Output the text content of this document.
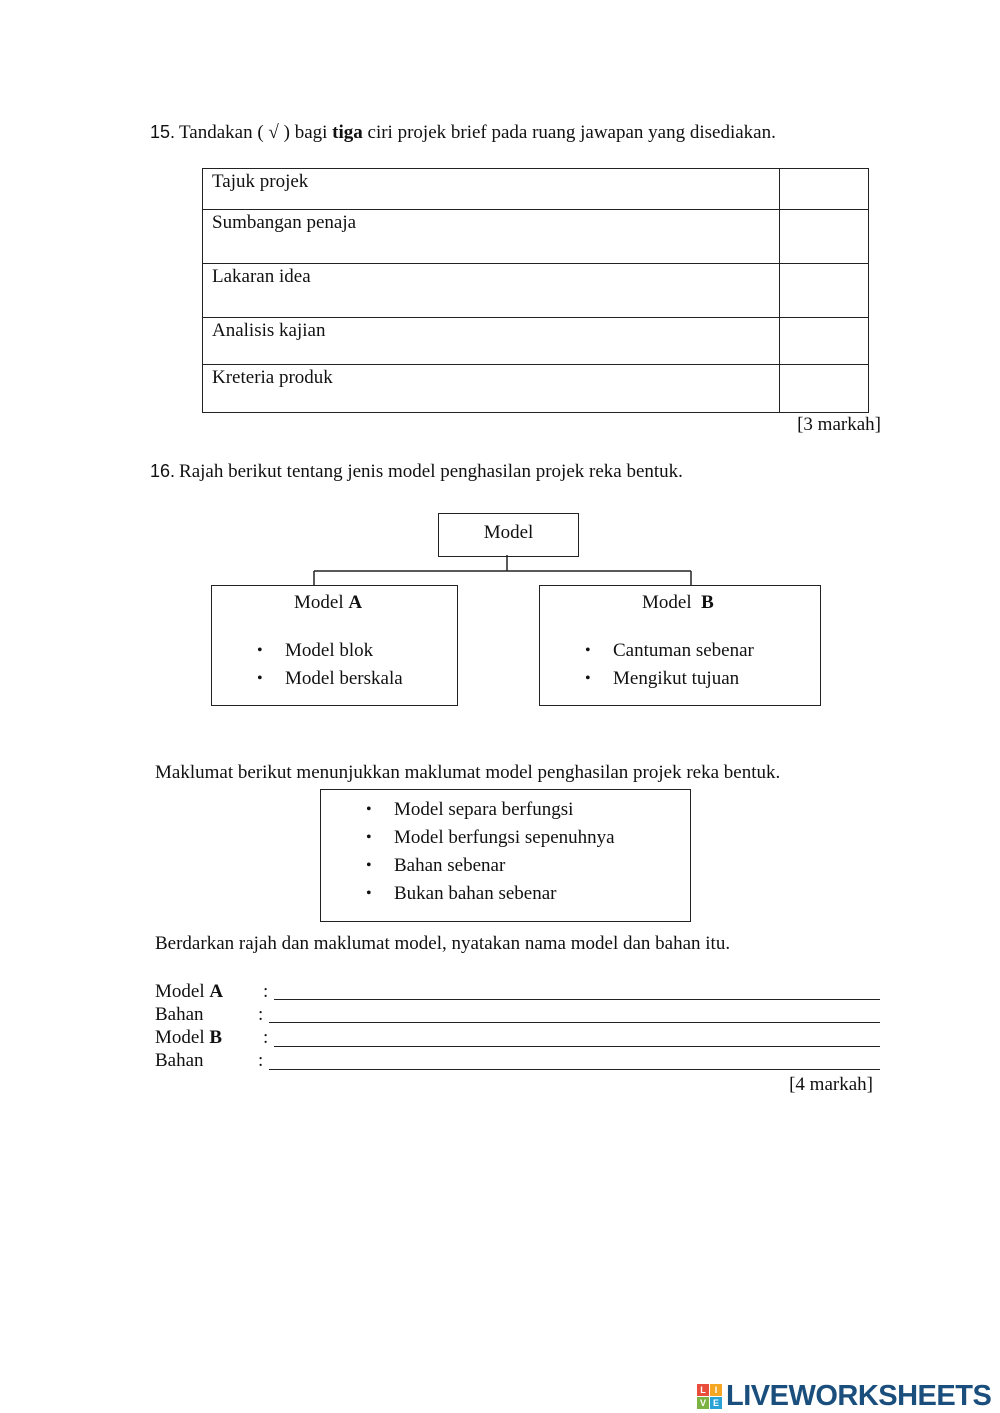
15. Tandakan ( √ ) bagi tiga ciri projek brief pada ruang jawapan yang disediakan.
Tajuk projek	
Sumbangan penaja	
Lakaran idea	
Analisis kajian	
Kreteria produk	
[3 markah]
16. Rajah berikut tentang jenis model penghasilan projek reka bentuk.
Model
Model A
• Model blok
• Model berskala
Model B
• Cantuman sebenar
• Mengikut tujuan
Maklumat berikut menunjukkan maklumat model penghasilan projek reka bentuk.
• Model separa berfungsi
• Model berfungsi sepenuhnya
• Bahan sebenar
• Bukan bahan sebenar
Berdarkan rajah dan maklumat model, nyatakan nama model dan bahan itu.
Model A :
Bahan	:
Model B :
Bahan	:
[4 markah]
L I
V E LIVEWORKSHEETS
